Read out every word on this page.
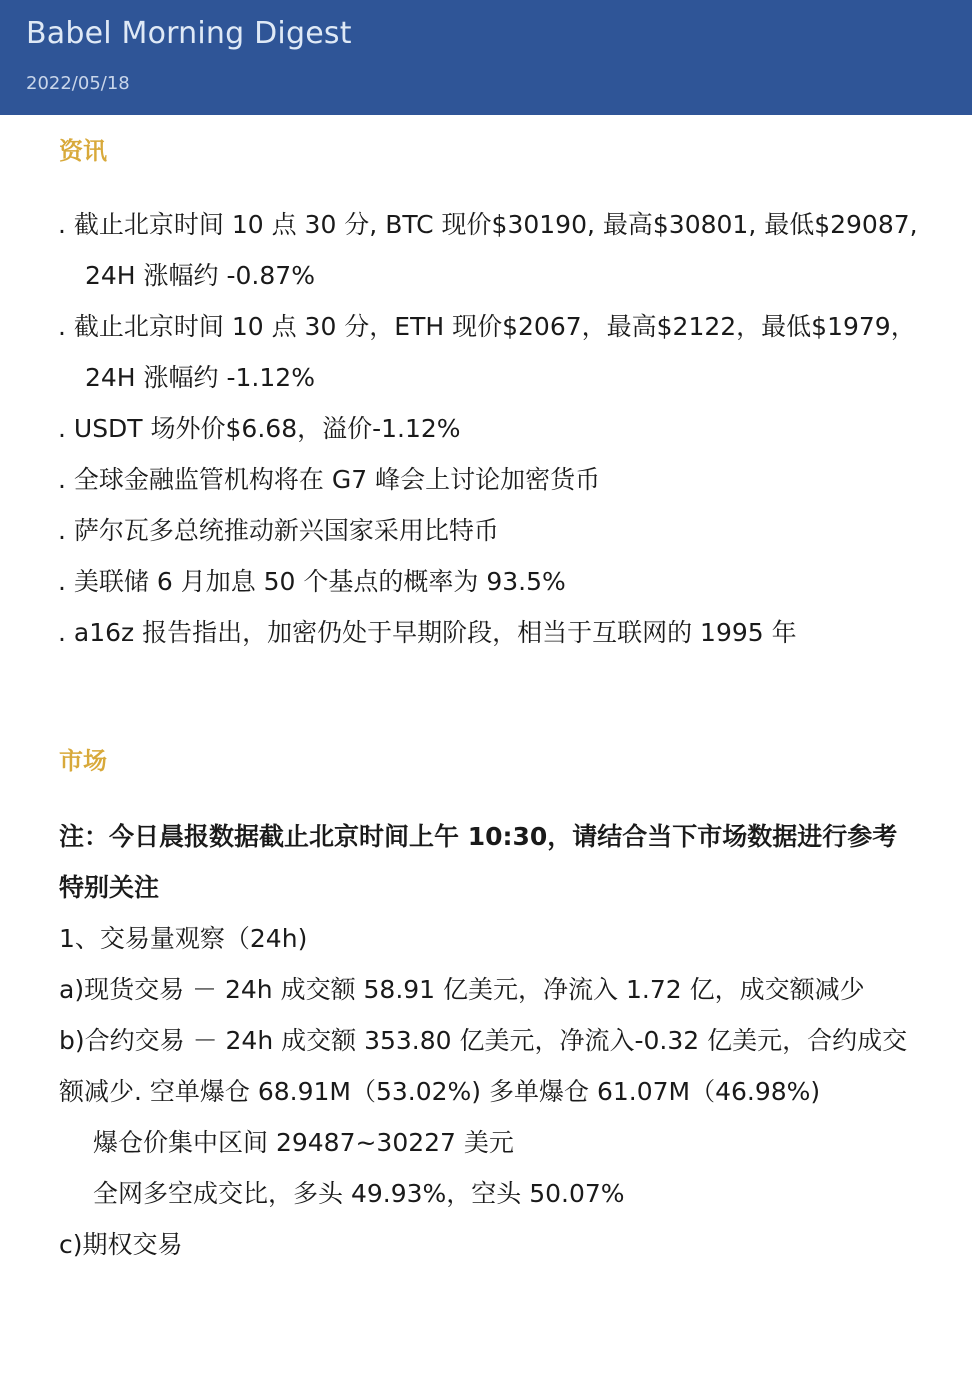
Babel Morning Digest
2022/05/18
资讯
. 截止北京时间 10 点 30 分, BTC 现价$30190, 最高$30801, 最低$29087,
24H 涨幅约 -0.87%
. 截止北京时间 10 点 30 分，ETH 现价$2067，最高$2122，最低$1979，
24H 涨幅约 -1.12%
. USDT 场外价$6.68，溢价-1.12%
. 全球金融监管机构将在 G7 峰会上讨论加密货币
. 萨尔瓦多总统推动新兴国家采用比特币
. 美联储 6 月加息 50 个基点的概率为 93.5%
. a16z 报告指出，加密仍处于早期阶段，相当于互联网的 1995 年
市场
注：今日晨报数据截止北京时间上午 10:30，请结合当下市场数据进行参考
特别关注
1、交易量观察（24h)
a)现货交易 － 24h 成交额 58.91 亿美元，净流入 1.72 亿，成交额减少
b)合约交易 － 24h 成交额 353.80 亿美元，净流入-0.32 亿美元，合约成交
额减少. 空单爆仓 68.91M（53.02%) 多单爆仓 61.07M（46.98%)
爆仓价集中区间 29487~30227 美元
全网多空成交比，多头 49.93%，空头 50.07%
c)期权交易
